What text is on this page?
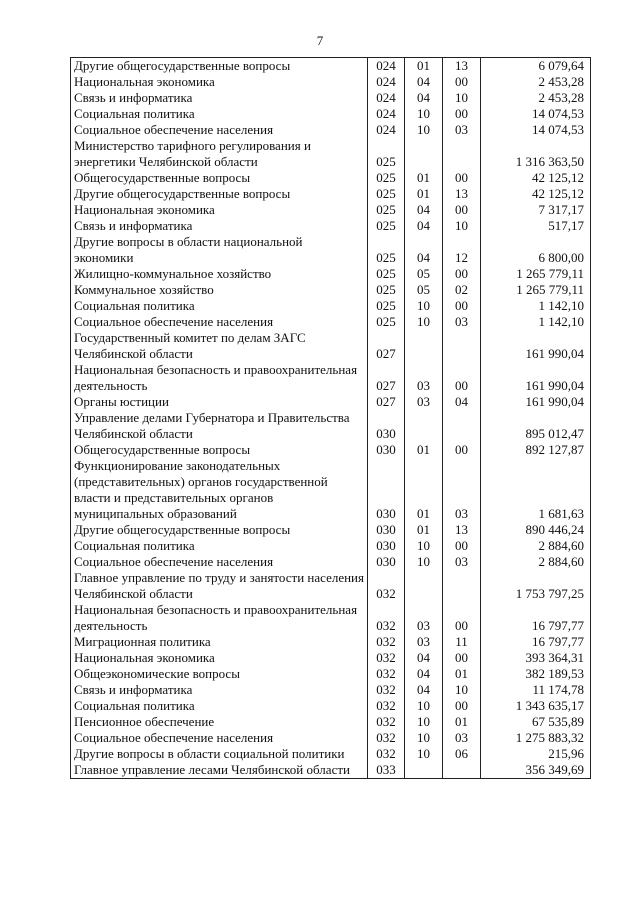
7
Другие общегосударственные вопросы	024	01	13	6 079,64
Национальная экономика	024	04	00	2 453,28
Связь и информатика	024	04	10	2 453,28
Социальная политика	024	10	00	14 074,53
Социальное обеспечение населения	024	10	03	14 074,53
Министерство тарифного регулирования и энергетики Челябинской области	025			1 316 363,50
Общегосударственные вопросы	025	01	00	42 125,12
Другие общегосударственные вопросы	025	01	13	42 125,12
Национальная экономика	025	04	00	7 317,17
Связь и информатика	025	04	10	517,17
Другие вопросы в области национальной экономики	025	04	12	6 800,00
Жилищно-коммунальное хозяйство	025	05	00	1 265 779,11
Коммунальное хозяйство	025	05	02	1 265 779,11
Социальная политика	025	10	00	1 142,10
Социальное обеспечение населения	025	10	03	1 142,10
Государственный комитет по делам ЗАГС Челябинской области	027			161 990,04
Национальная безопасность и правоохранительная деятельность	027	03	00	161 990,04
Органы юстиции	027	03	04	161 990,04
Управление делами Губернатора и Правительства Челябинской области	030			895 012,47
Общегосударственные вопросы	030	01	00	892 127,87
Функционирование законодательных (представительных) органов государственной власти и представительных органов муниципальных образований	030	01	03	1 681,63
Другие общегосударственные вопросы	030	01	13	890 446,24
Социальная политика	030	10	00	2 884,60
Социальное обеспечение населения	030	10	03	2 884,60
Главное управление по труду и занятости населения Челябинской области	032			1 753 797,25
Национальная безопасность и правоохранительная деятельность	032	03	00	16 797,77
Миграционная политика	032	03	11	16 797,77
Национальная экономика	032	04	00	393 364,31
Общеэкономические вопросы	032	04	01	382 189,53
Связь и информатика	032	04	10	11 174,78
Социальная политика	032	10	00	1 343 635,17
Пенсионное обеспечение	032	10	01	67 535,89
Социальное обеспечение населения	032	10	03	1 275 883,32
Другие вопросы в области социальной политики	032	10	06	215,96
Главное управление лесами Челябинской области	033			356 349,69
